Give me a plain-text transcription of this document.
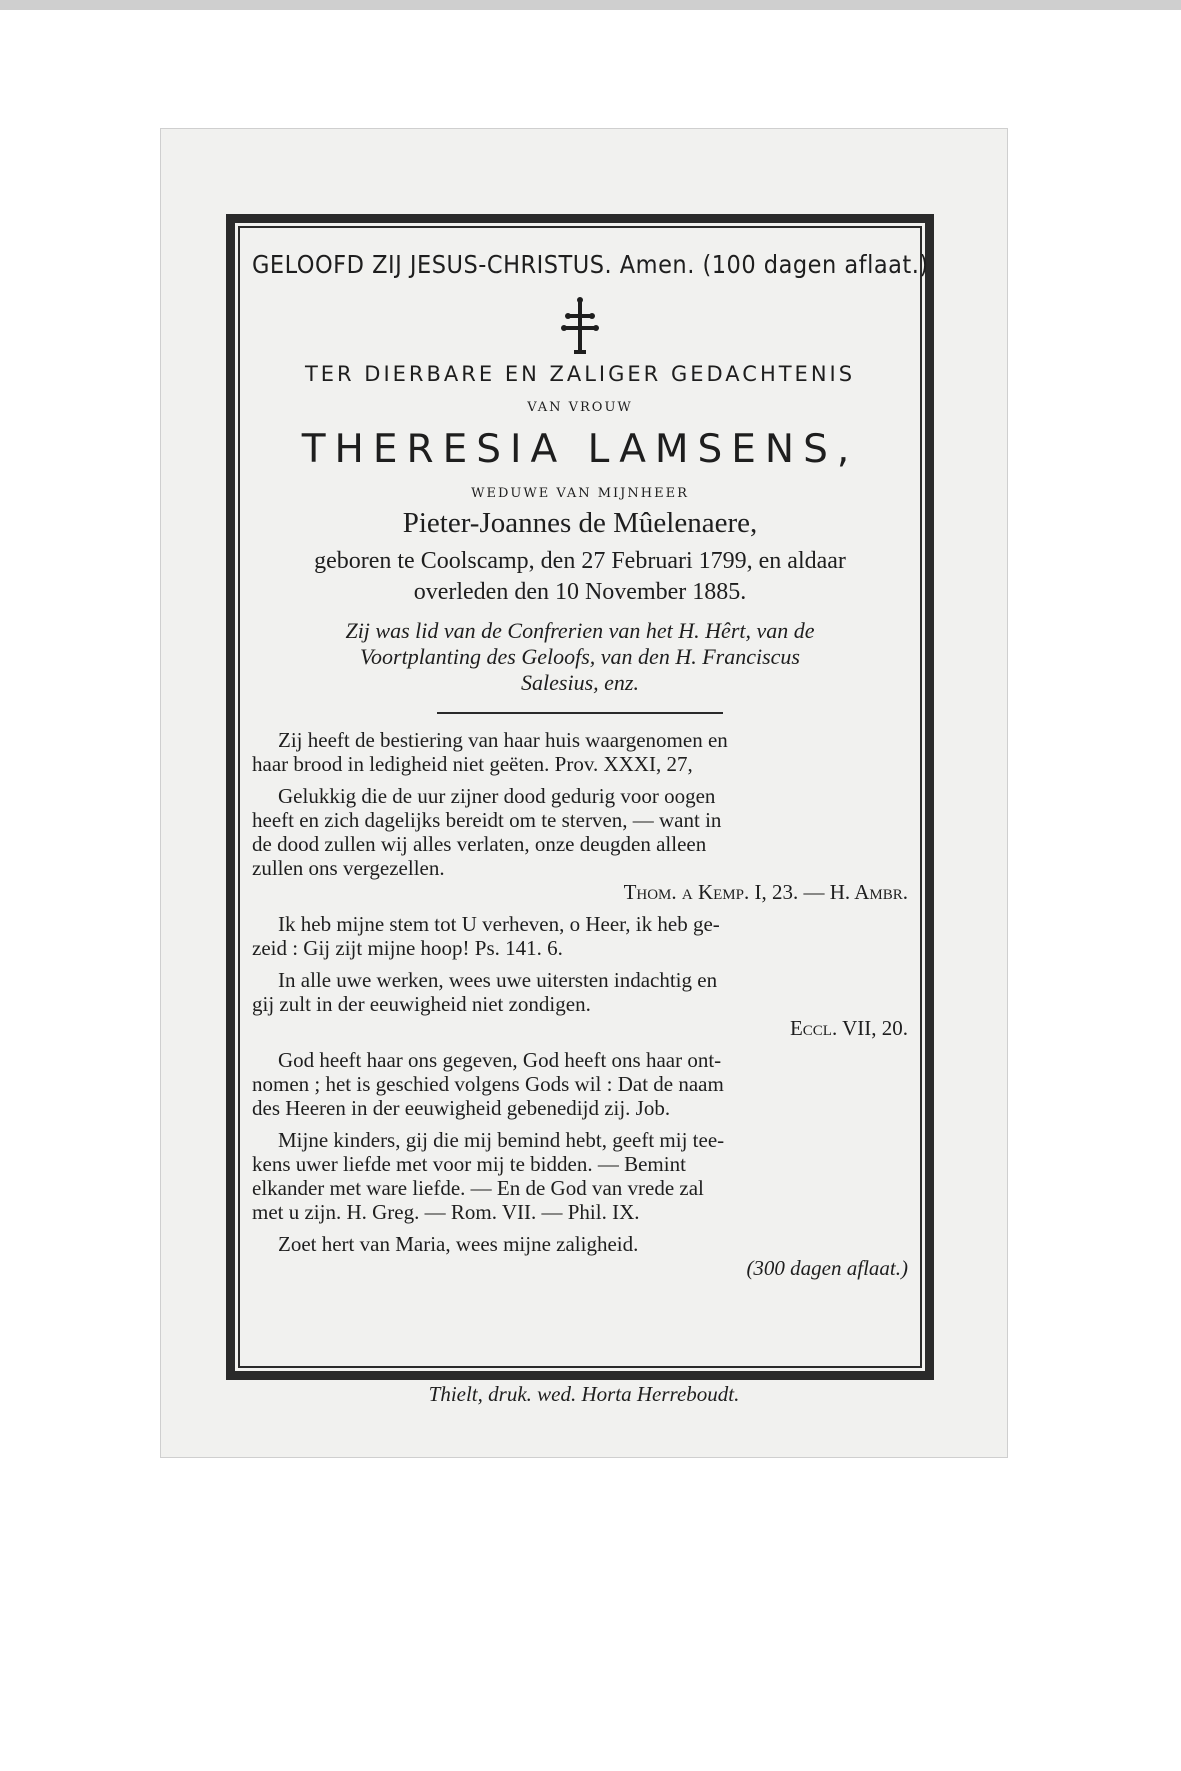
GELOOFD ZIJ JESUS-CHRISTUS. Amen. (100 dagen aflaat.)
TER DIERBARE EN ZALIGER GEDACHTENIS
VAN VROUW
THERESIA LAMSENS,
WEDUWE VAN MIJNHEER
Pieter-Joannes de Mûelenaere,
geboren te Coolscamp, den 27 Februari 1799, en aldaar
overleden den 10 November 1885.
Zij was lid van de Confrerien van het H. Hêrt, van de
Voortplanting des Geloofs, van den H. Franciscus
Salesius, enz.
Zij heeft de bestiering van haar huis waargenomen en
haar brood in ledigheid niet geëten. Prov. XXXI, 27,
Gelukkig die de uur zijner dood gedurig voor oogen
heeft en zich dagelijks bereidt om te sterven, — want in
de dood zullen wij alles verlaten, onze deugden alleen
zullen ons vergezellen.
Thom. a Kemp. I, 23. — H. Ambr.
Ik heb mijne stem tot U verheven, o Heer, ik heb ge-
zeid : Gij zijt mijne hoop! Ps. 141. 6.
In alle uwe werken, wees uwe uitersten indachtig en
gij zult in der eeuwigheid niet zondigen.
Eccl. VII, 20.
God heeft haar ons gegeven, God heeft ons haar ont-
nomen ; het is geschied volgens Gods wil : Dat de naam
des Heeren in der eeuwigheid gebenedijd zij. Job.
Mijne kinders, gij die mij bemind hebt, geeft mij tee-
kens uwer liefde met voor mij te bidden. — Bemint
elkander met ware liefde. — En de God van vrede zal
met u zijn. H. Greg. — Rom. VII. — Phil. IX.
Zoet hert van Maria, wees mijne zaligheid.
(300 dagen aflaat.)
Thielt, druk. wed. Horta Herreboudt.
